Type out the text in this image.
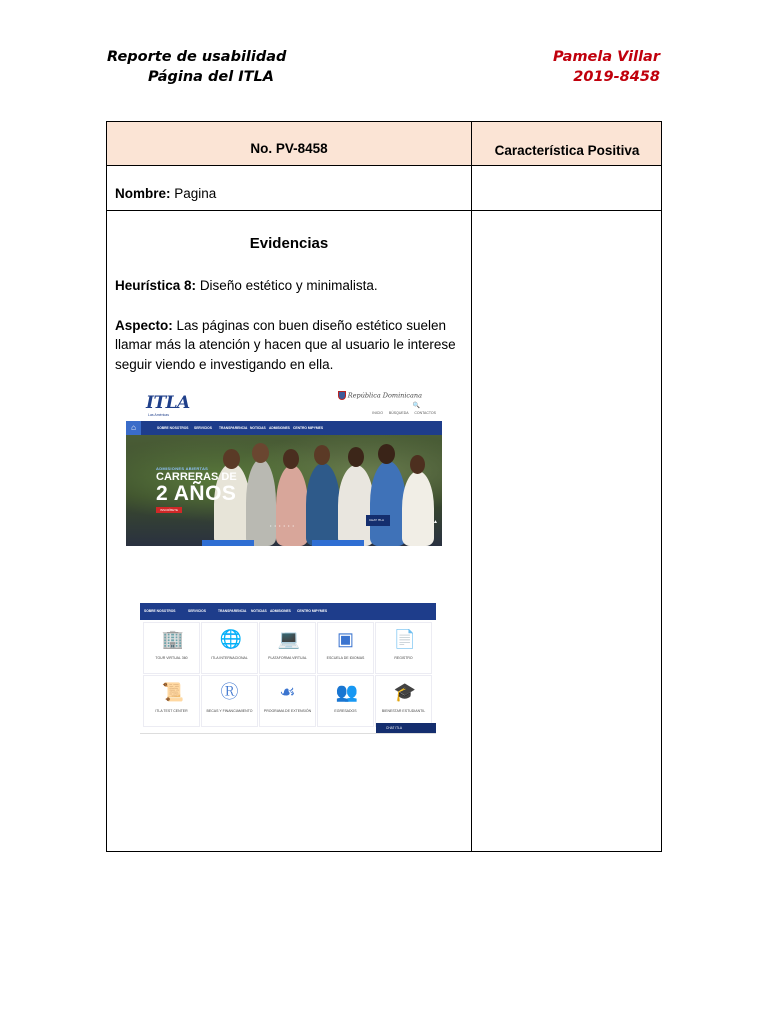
Reporte de usabilidad
Página del ITLA
Pamela Villar
2019-8458
No. PV-8458	Característica Positiva
Nombre: Pagina
Evidencias
Heurística 8: Diseño estético y minimalista.
Aspecto: Las páginas con buen diseño estético suelen llamar más la atención y hacen que al usuario le interese seguir viendo e investigando en ella.
ITLA
Las Américas
República Dominicana
🔍
INICIO BÚSQUEDA CONTACTOS
⌂	SOBRE NOSOTROS SERVICIOS TRANSPARENCIA NOTICIAS ADMISIONES CENTRO MIPYMES
ADMISIONES ABIERTAS
CARRERAS DE
2 AÑOS
INSCRÍBETE
• • • • • •
CHAT ITLA	▲
SOBRE NOSOTROS	SERVICIOS	TRANSPARENCIA NOTICIAS ADMISIONES CENTRO MIPYMES
🏢
TOUR VIRTUAL 360
🌐
ITLA INTERNACIONAL
💻
PLATAFORMA VIRTUAL
▣
ESCUELA DE IDIOMAS
📄
REGISTRO
📜
ITLA TEST CENTER
Ⓡ
BECAS Y FINANCIAMIENTO
☙
PROGRAMA DE EXTENSIÓN
👥
EGRESADOS
🎓
BIENESTAR ESTUDIANTIL
CHAT ITLA
